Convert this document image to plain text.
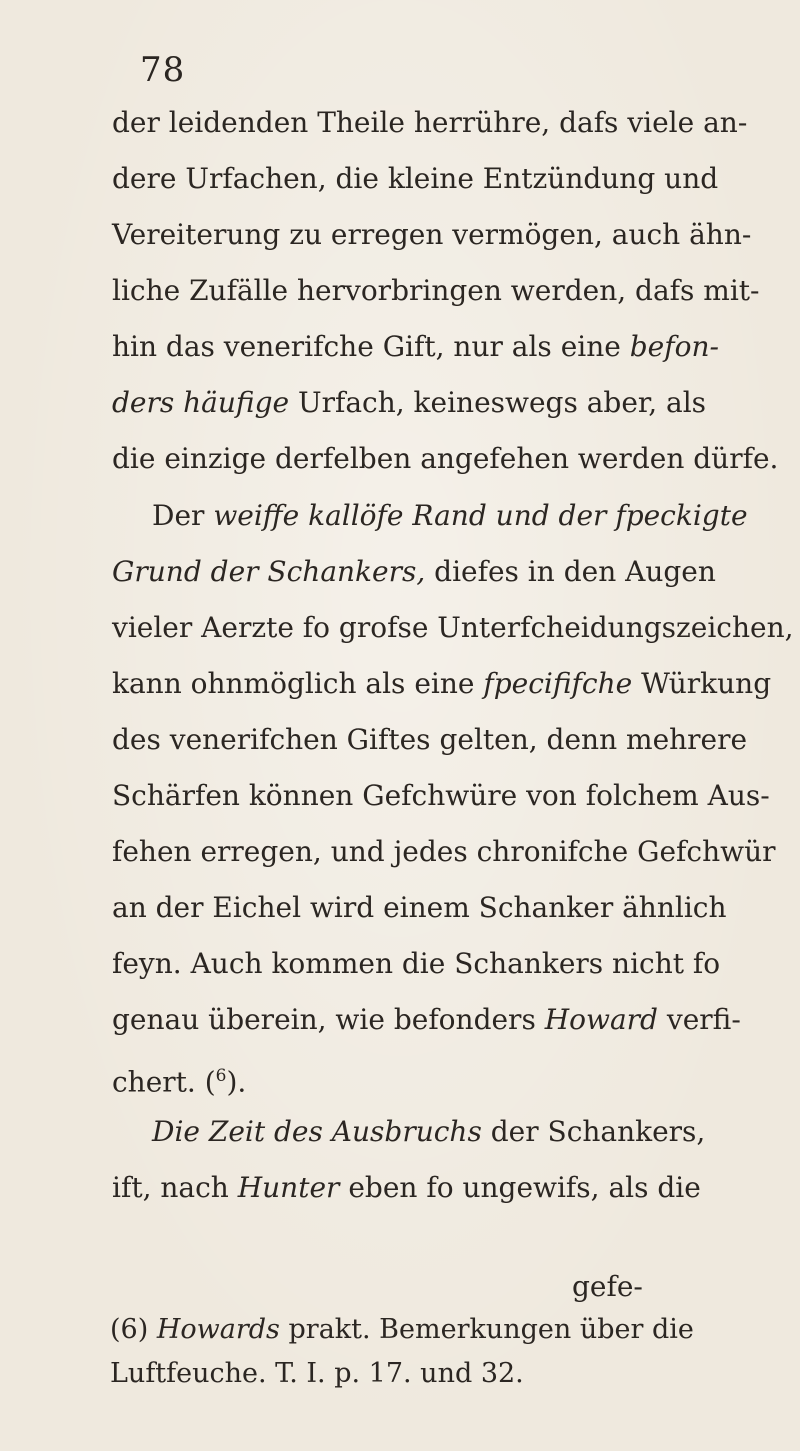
78
der leidenden Theile herrühre, dafs viele an-
dere Urfachen, die kleine Entzündung und
Vereiterung zu erregen vermögen, auch ähn-
liche Zufälle hervorbringen werden, dafs mit-
hin das venerifche Gift, nur als eine befon-
ders häufige Urfach, keineswegs aber, als
die einzige derfelben angefehen werden dürfe.
Der weiffe kallöfe Rand und der fpeckigte
Grund der Schankers, diefes in den Augen
vieler Aerzte fo grofse Unterfcheidungszeichen,
kann ohnmöglich als eine fpecififche Würkung
des venerifchen Giftes gelten, denn mehrere
Schärfen können Gefchwüre von folchem Aus-
fehen erregen, und jedes chronifche Gefchwür
an der Eichel wird einem Schanker ähnlich
feyn. Auch kommen die Schankers nicht fo
genau überein, wie befonders Howard verfi-
chert. ($^6$).
Die Zeit des Ausbruchs der Schankers,
ift, nach Hunter eben fo ungewifs, als die
gefe-
(6) Howards prakt. Bemerkungen über die
Luftfeuche. T. I. p. 17. und 32.
